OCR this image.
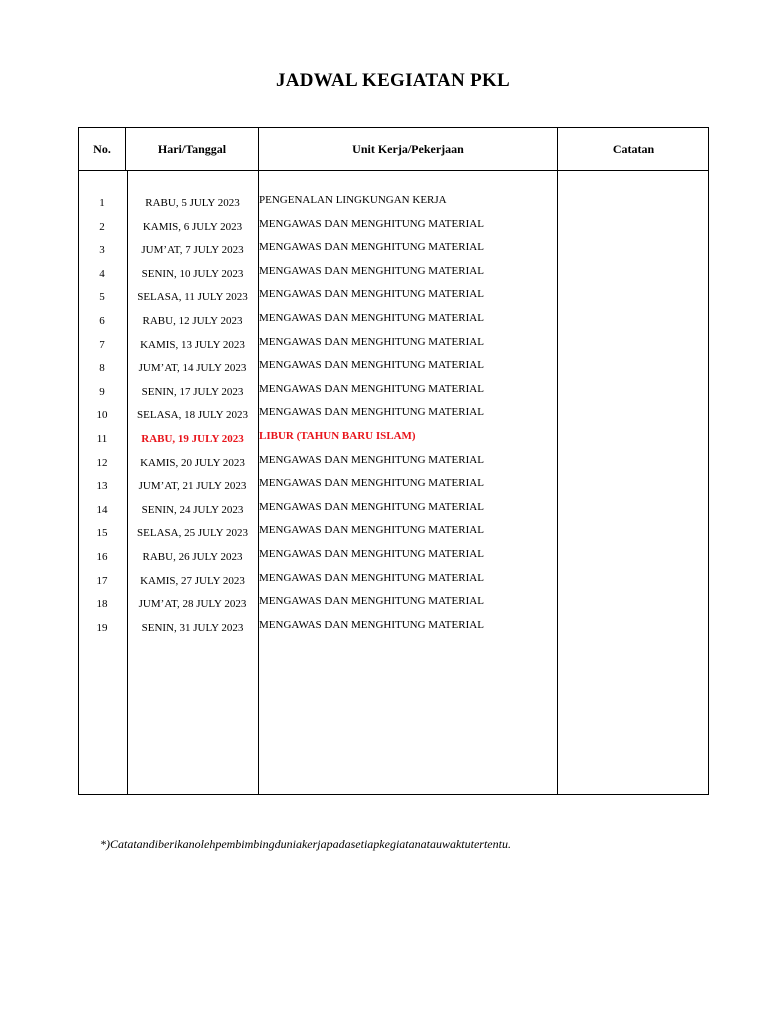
JADWAL KEGIATAN PKL
No.	Hari/Tanggal	Unit Kerja/Pekerjaan	Catatan
1	RABU, 5 JULY 2023	PENGENALAN LINGKUNGAN KERJA
2	KAMIS, 6 JULY 2023	MENGAWAS DAN MENGHITUNG MATERIAL
3	JUM’AT, 7 JULY 2023	MENGAWAS DAN MENGHITUNG MATERIAL
4	SENIN, 10 JULY 2023	MENGAWAS DAN MENGHITUNG MATERIAL
5	SELASA, 11 JULY 2023	MENGAWAS DAN MENGHITUNG MATERIAL
6	RABU, 12 JULY 2023	MENGAWAS DAN MENGHITUNG MATERIAL
7	KAMIS, 13 JULY 2023	MENGAWAS DAN MENGHITUNG MATERIAL
8	JUM’AT, 14 JULY 2023	MENGAWAS DAN MENGHITUNG MATERIAL
9	SENIN, 17 JULY 2023	MENGAWAS DAN MENGHITUNG MATERIAL
10	SELASA, 18 JULY 2023	MENGAWAS DAN MENGHITUNG MATERIAL
11	RABU, 19 JULY 2023	LIBUR (TAHUN BARU ISLAM)
12	KAMIS, 20 JULY 2023	MENGAWAS DAN MENGHITUNG MATERIAL
13	JUM’AT, 21 JULY 2023	MENGAWAS DAN MENGHITUNG MATERIAL
14	SENIN, 24 JULY 2023	MENGAWAS DAN MENGHITUNG MATERIAL
15	SELASA, 25 JULY 2023	MENGAWAS DAN MENGHITUNG MATERIAL
16	RABU, 26 JULY 2023	MENGAWAS DAN MENGHITUNG MATERIAL
17	KAMIS, 27 JULY 2023	MENGAWAS DAN MENGHITUNG MATERIAL
18	JUM’AT, 28 JULY 2023	MENGAWAS DAN MENGHITUNG MATERIAL
19	SENIN, 31 JULY 2023	MENGAWAS DAN MENGHITUNG MATERIAL
*)Catatandiberikanolehpembimbingduniakerjapadasetiapkegiatanatauwaktutertentu.
